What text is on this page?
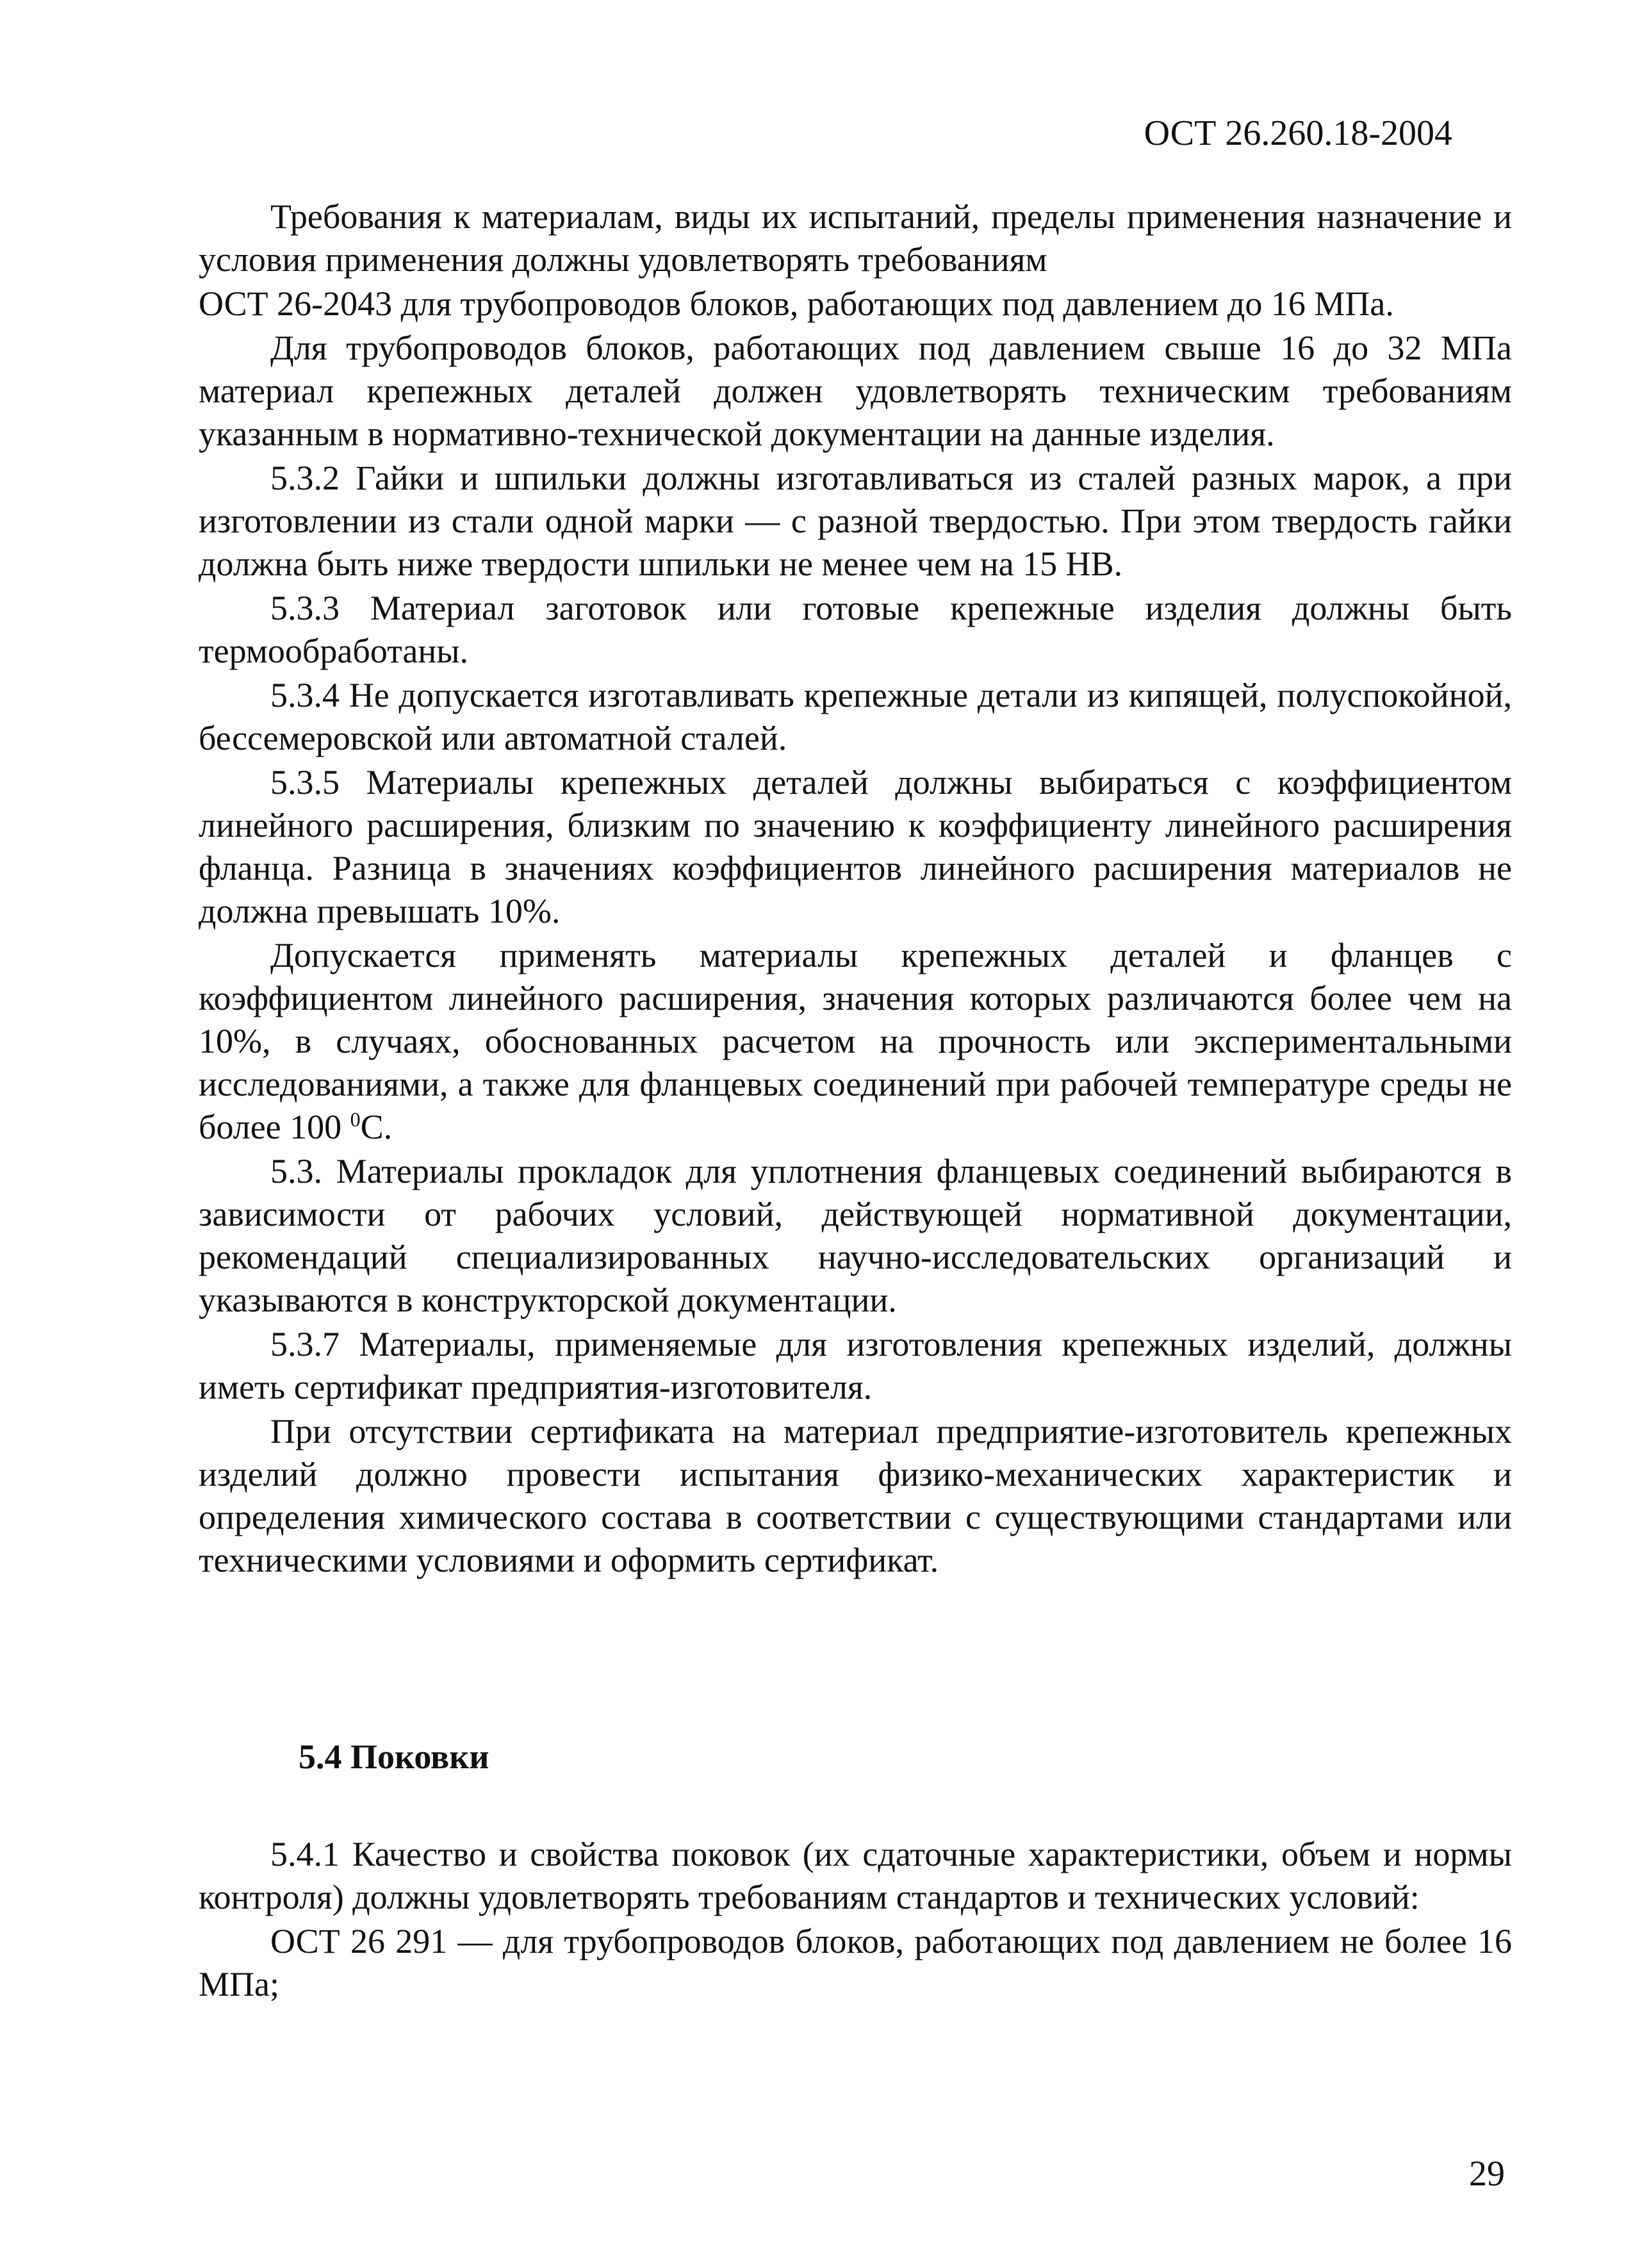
ОСТ 26.260.18-2004

Требования к материалам, виды их испытаний, пределы применения назначение и условия применения должны удовлетворять требованиям

ОСТ 26-2043 для трубопроводов блоков, работающих под давлением до 16 МПа.

Для трубопроводов блоков, работающих под давлением свыше 16 до 32 МПа материал крепежных деталей должен удовлетворять техническим требованиям указанным в нормативно-технической документации на данные изделия.

5.3.2 Гайки и шпильки должны изготавливаться из сталей разных марок, а при изготовлении из стали одной марки — с разной твердостью. При этом твердость гайки должна быть ниже твердости шпильки не менее чем на 15 НВ.

5.3.3 Материал заготовок или готовые крепежные изделия должны быть термообработаны.

5.3.4 Не допускается изготавливать крепежные детали из кипящей, полуспокойной, бессемеровской или автоматной сталей.

5.3.5 Материалы крепежных деталей должны выбираться с коэффициентом линейного расширения, близким по значению к коэффициенту линейного расширения фланца. Разница в значениях коэффициентов линейного расширения материалов не должна превышать 10%.

Допускается применять материалы крепежных деталей и фланцев с коэффициентом линейного расширения, значения которых различаются более чем на 10%, в случаях, обоснованных расчетом на прочность или экспериментальными исследованиями, а также для фланцевых соединений при рабочей температуре среды не более 100 $^0$С.

5.3. Материалы прокладок для уплотнения фланцевых соединений выбираются в зависимости от рабочих условий, действующей нормативной документации, рекомендаций специализированных научно-исследовательских организаций и указываются в конструкторской документации.

5.3.7 Материалы, применяемые для изготовления крепежных изделий, должны иметь сертификат предприятия-изготовителя.

При отсутствии сертификата на материал предприятие-изготовитель крепежных изделий должно провести испытания физико-механических характеристик и определения химического состава в соответствии с существующими стандартами или техническими условиями и оформить сертификат.

5.4 Поковки

5.4.1 Качество и свойства поковок (их сдаточные характеристики, объем и нормы контроля) должны удовлетворять требованиям стандартов и технических условий:

ОСТ 26 291 — для трубопроводов блоков, работающих под давлением не более 16 МПа;

29
